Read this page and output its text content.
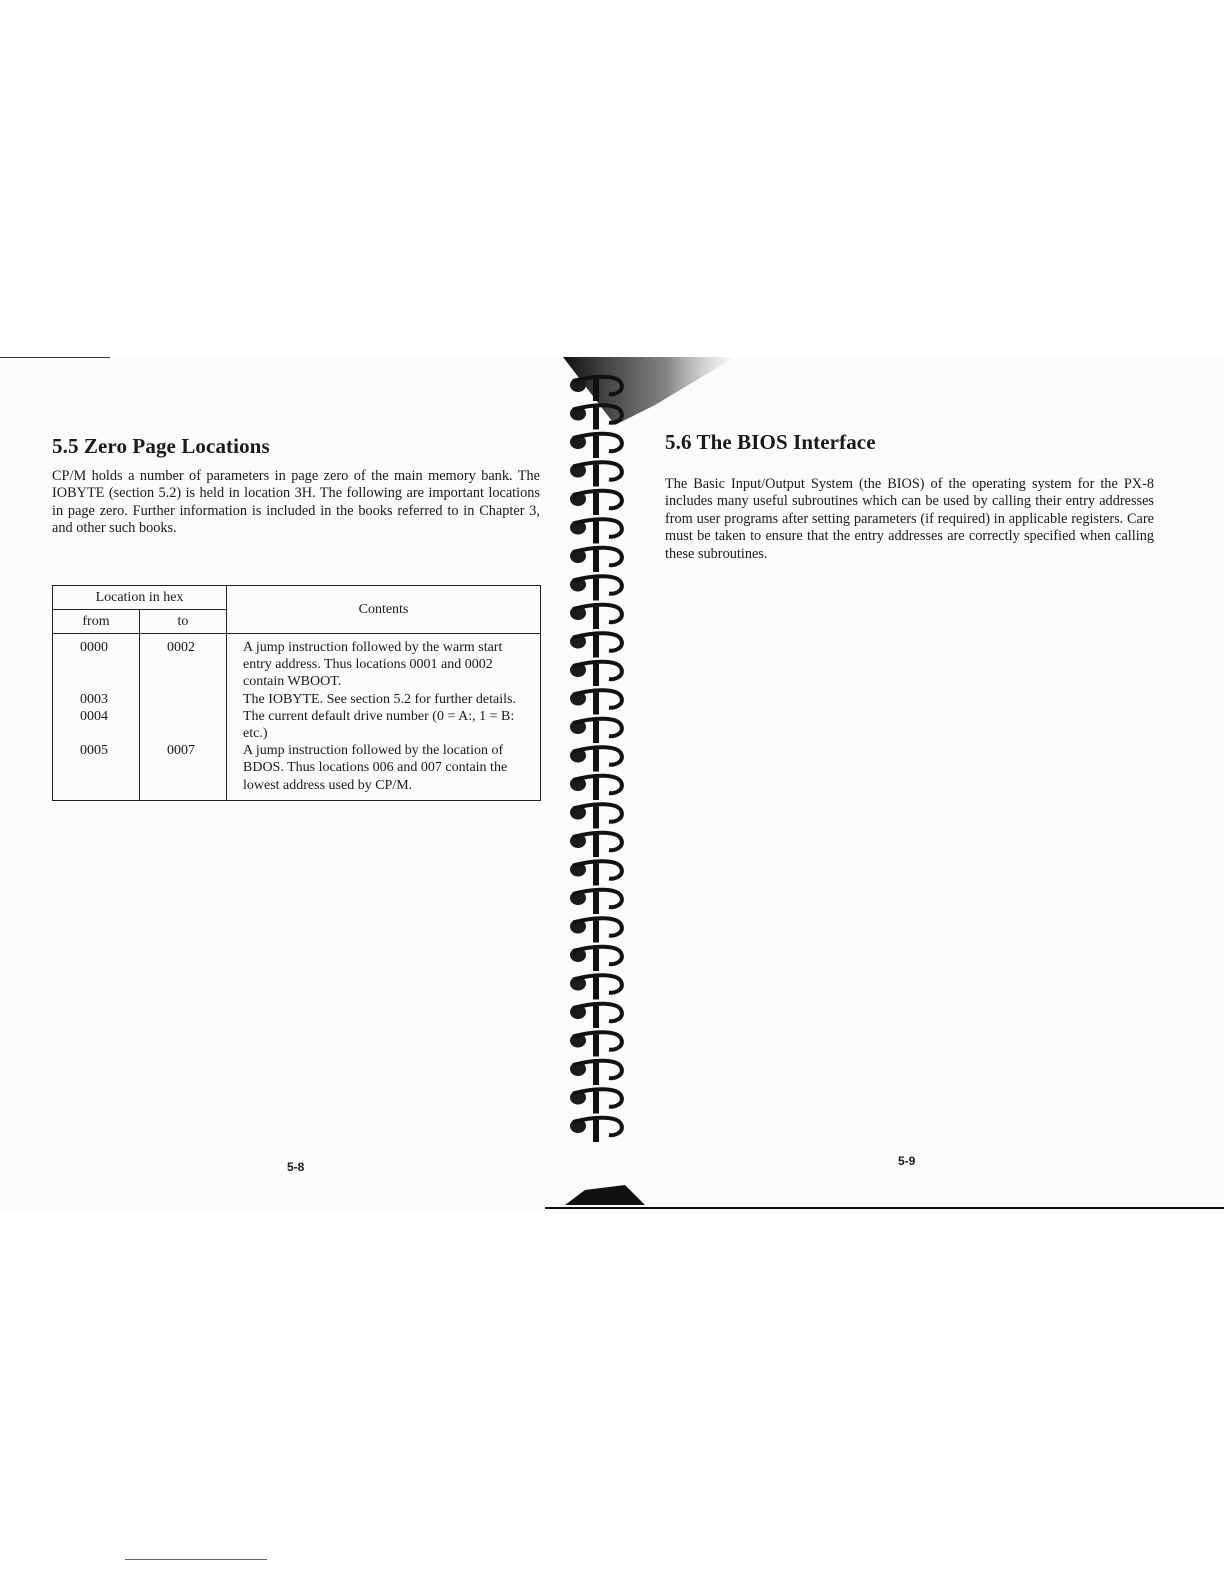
5.5 Zero Page Locations

CP/M holds a number of parameters in page zero of the main memory bank. The IOBYTE (section 5.2) is held in location 3H. The following are important locations in page zero. Further information is included in the books referred to in Chapter 3, and other such books.

Location in hex		Contents
from	to	
0000	0002	A jump instruction followed by the warm start entry address. Thus locations 0001 and 0002 contain WBOOT.
0003		The IOBYTE. See section 5.2 for further details.
0004		The current default drive number (0 = A:, 1 = B: etc.)
0005	0007	A jump instruction followed by the location of BDOS. Thus locations 006 and 007 contain the lowest address used by CP/M.
5-8
5.6 The BIOS Interface

The Basic Input/Output System (the BIOS) of the operating system for the PX-8 includes many useful subroutines which can be used by calling their entry addresses from user programs after setting parameters (if required) in applicable registers. Care must be taken to ensure that the entry addresses are correctly specified when calling these subroutines.

5-9
